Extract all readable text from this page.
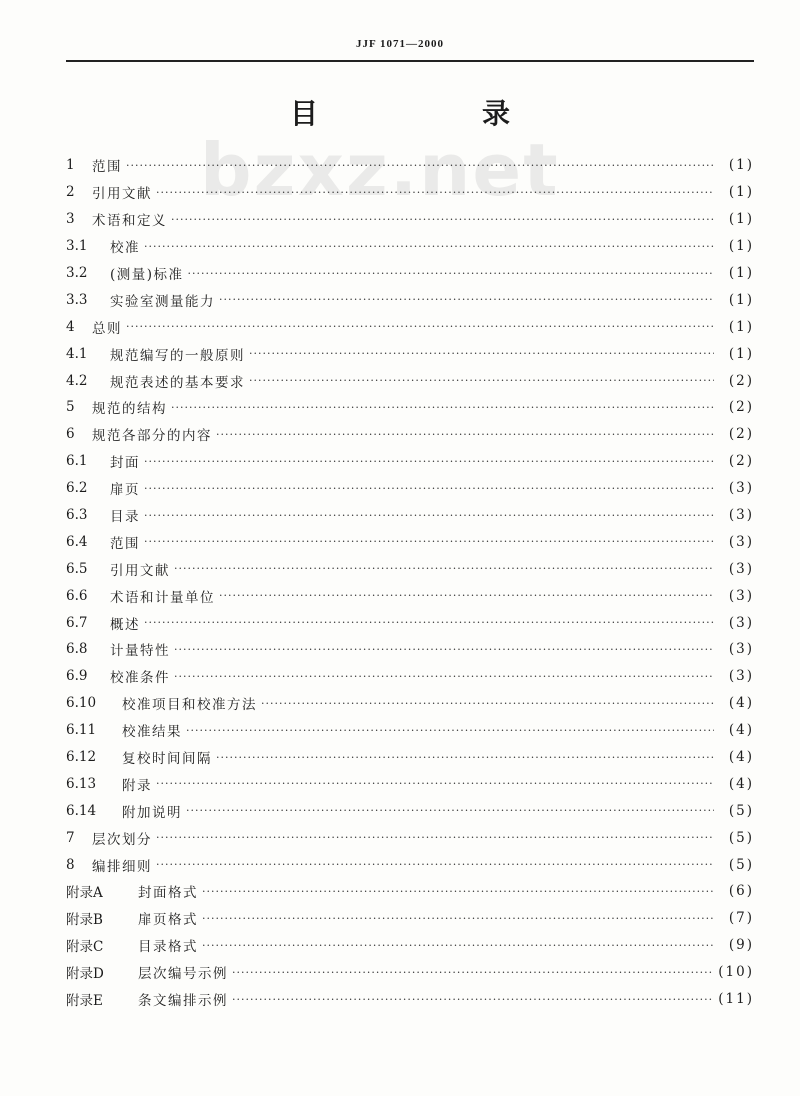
JJF 1071—2000
bzxz.net
目　录
1	范围 ·····	(1)
2	引用文献 ·····	(1)
3	术语和定义 ·····	(1)
3.1	校准 ·····	(1)
3.2	(测量)标准 ·····	(1)
3.3	实验室测量能力 ·····	(1)
4	总则 ·····	(1)
4.1	规范编写的一般原则 ·····	(1)
4.2	规范表述的基本要求 ·····	(2)
5	规范的结构 ·····	(2)
6	规范各部分的内容 ·····	(2)
6.1	封面 ·····	(2)
6.2	扉页 ·····	(3)
6.3	目录 ·····	(3)
6.4	范围 ·····	(3)
6.5	引用文献 ·····	(3)
6.6	术语和计量单位 ·····	(3)
6.7	概述 ·····	(3)
6.8	计量特性 ·····	(3)
6.9	校准条件 ·····	(3)
6.10	校准项目和校准方法 ·····	(4)
6.11	校准结果 ·····	(4)
6.12	复校时间间隔 ·····	(4)
6.13	附录 ·····	(4)
6.14	附加说明 ·····	(5)
7	层次划分 ·····	(5)
8	编排细则 ·····	(5)
附录A	封面格式 ·····	(6)
附录B	扉页格式 ·····	(7)
附录C	目录格式 ·····	(9)
附录D	层次编号示例 ·····	(10)
附录E	条文编排示例 ·····	(11)
